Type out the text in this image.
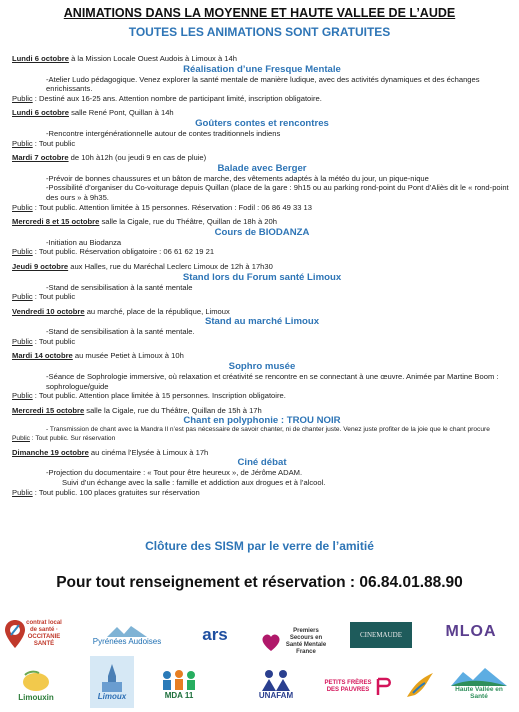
ANIMATIONS DANS LA MOYENNE ET HAUTE VALLEE DE L’AUDE
TOUTES LES ANIMATIONS SONT GRATUITES
Lundi 6 octobre à la Mission Locale Ouest Audois à Limoux à 14h
Réalisation d’une Fresque Mentale
-Atelier Ludo pédagogique. Venez explorer la santé mentale de manière ludique, avec des activités dynamiques et des échanges enrichissants.
Public : Destiné aux 16-25 ans. Attention nombre de participant limité, inscription obligatoire.
Lundi 6 octobre salle René Pont, Quillan à 14h
Goûters contes et rencontres
-Rencontre intergénérationnelle autour de contes traditionnels indiens
Public : Tout public
Mardi 7 octobre de 10h à12h (ou jeudi 9 en cas de pluie)
Balade avec Berger
-Prévoir de bonnes chaussures et un bâton de marche, des vêtements adaptés à la météo du jour, un pique-nique
-Possibilité d’organiser du Co-voiturage depuis Quillan (place de la gare : 9h15 ou au parking rond-point du Pont d’Aliès dit le « rond-point des ours » à 9h35.
Public : Tout public. Attention limitée à 15 personnes. Réservation : Fodil : 06 86 49 33 13
Mercredi 8 et 15 octobre salle la Cigale, rue du Théâtre, Quillan de 18h à 20h
Cours de BIODANZA
-Initiation au Biodanza
Public : Tout public. Réservation obligatoire : 06 61 62 19 21
Jeudi 9 octobre aux Halles, rue du Maréchal Leclerc Limoux de 12h à 17h30
Stand lors du Forum santé Limoux
-Stand de sensibilisation à la santé mentale
Public : Tout public
Vendredi 10 octobre au marché, place de la république, Limoux
Stand au marché Limoux
-Stand de sensibilisation à la santé mentale.
Public : Tout public
Mardi 14 octobre au musée Petiet à Limoux à 10h
Sophro musée
-Séance de Sophrologie immersive, où relaxation et créativité se rencontre en se connectant à une œuvre. Animée par Martine Boom : sophrologue/guide
Public : Tout public. Attention place limitée à 15 personnes. Inscription obligatoire.
Mercredi 15 octobre salle la Cigale, rue du Théâtre, Quillan de 15h à 17h
Chant en polyphonie : TROU NOIR
- Transmission de chant avec la Mandra Il n’est pas nécessaire de savoir chanter, ni de chanter juste. Venez juste profiter de la joie que le chant procure
Public : Tout public. Sur réservation
Dimanche 19 octobre au cinéma l’Elysée à Limoux à 17h
Ciné débat
-Projection du documentaire : « Tout pour être heureux », de Jérôme ADAM.
Suivi d’un échange avec la salle : famille et addiction aux drogues et à l’alcool.
Public : Tout public. 100 places gratuites sur réservation
Clôture des SISM par le verre de l’amitié
Pour tout renseignement et réservation : 06.84.01.88.90
contrat local de santé · OCCITANIE SANTÉ	Pyrénées Audoises ars	Premiers Secours en Santé Mentale France
CINEMAUDE	MLOA
Limouxin	Limoux	MDA 11	UNAFAM
PETITS FRÈRES DES PAUVRES	Haute Vallée en Santé
